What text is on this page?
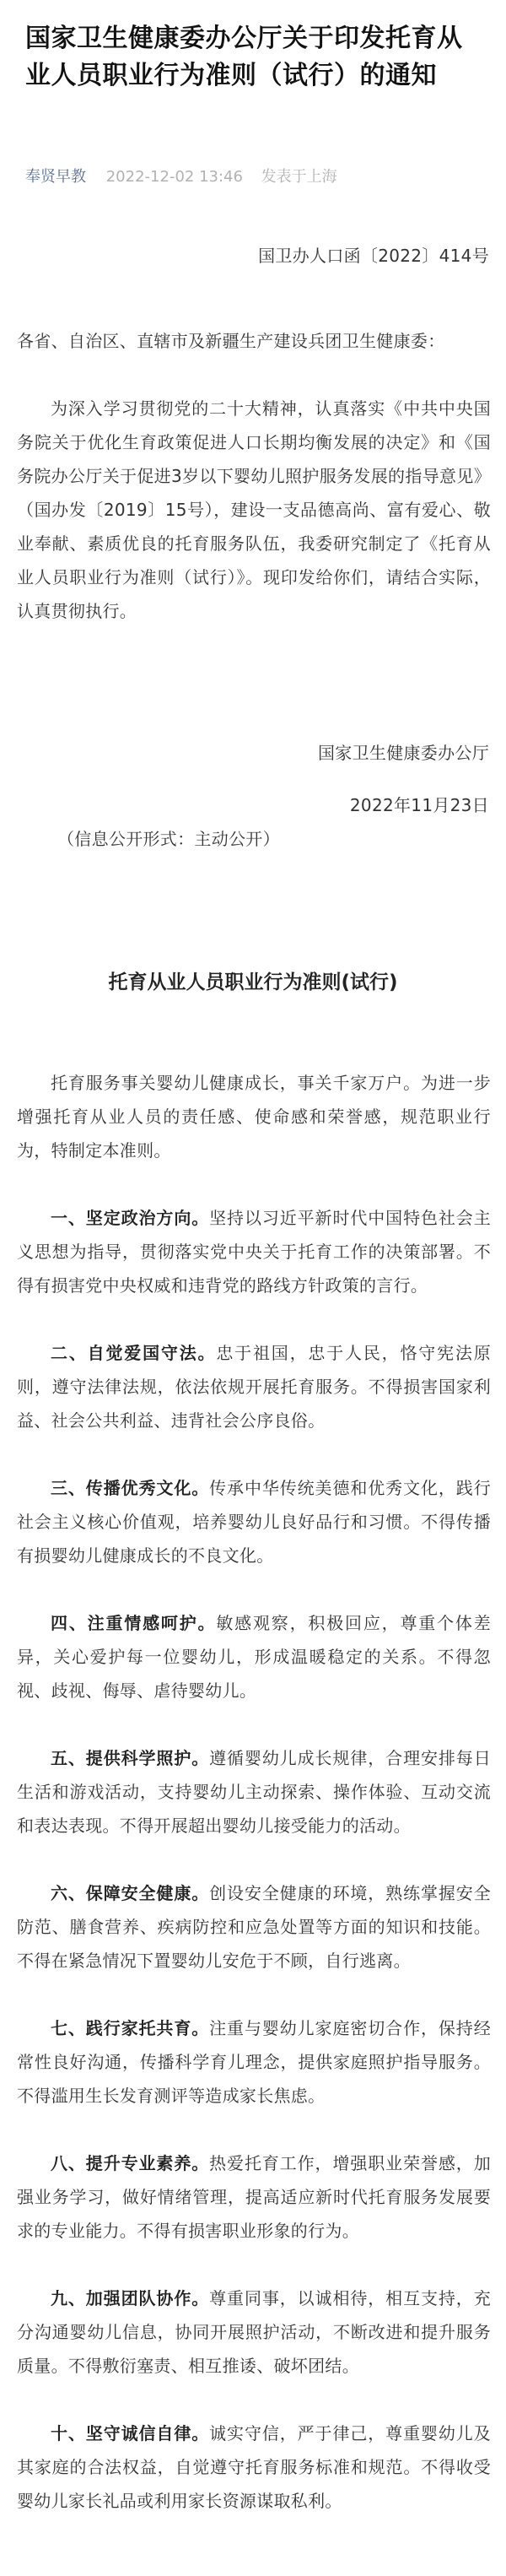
国家卫生健康委办公厅关于印发托育从业人员职业行为准则（试行）的通知
奉贤早教 2022-12-02 13:46 发表于上海
国卫办人口函〔2022〕414号
各省、自治区、直辖市及新疆生产建设兵团卫生健康委：
为深入学习贯彻党的二十大精神，认真落实《中共中央国务院关于优化生育政策促进人口长期均衡发展的决定》和《国务院办公厅关于促进3岁以下婴幼儿照护服务发展的指导意见》（国办发〔2019〕15号），建设一支品德高尚、富有爱心、敬业奉献、素质优良的托育服务队伍，我委研究制定了《托育从业人员职业行为准则（试行）》。现印发给你们，请结合实际，认真贯彻执行。
国家卫生健康委办公厅
2022年11月23日
（信息公开形式：主动公开）
托育从业人员职业行为准则(试行)
托育服务事关婴幼儿健康成长，事关千家万户。为进一步增强托育从业人员的责任感、使命感和荣誉感，规范职业行为，特制定本准则。
一、坚定政治方向。坚持以习近平新时代中国特色社会主义思想为指导，贯彻落实党中央关于托育工作的决策部署。不得有损害党中央权威和违背党的路线方针政策的言行。
二、自觉爱国守法。忠于祖国，忠于人民，恪守宪法原则，遵守法律法规，依法依规开展托育服务。不得损害国家利益、社会公共利益、违背社会公序良俗。
三、传播优秀文化。传承中华传统美德和优秀文化，践行社会主义核心价值观，培养婴幼儿良好品行和习惯。不得传播有损婴幼儿健康成长的不良文化。
四、注重情感呵护。敏感观察，积极回应，尊重个体差异，关心爱护每一位婴幼儿，形成温暖稳定的关系。不得忽视、歧视、侮辱、虐待婴幼儿。
五、提供科学照护。遵循婴幼儿成长规律，合理安排每日生活和游戏活动，支持婴幼儿主动探索、操作体验、互动交流和表达表现。不得开展超出婴幼儿接受能力的活动。
六、保障安全健康。创设安全健康的环境，熟练掌握安全防范、膳食营养、疾病防控和应急处置等方面的知识和技能。不得在紧急情况下置婴幼儿安危于不顾，自行逃离。
七、践行家托共育。注重与婴幼儿家庭密切合作，保持经常性良好沟通，传播科学育儿理念，提供家庭照护指导服务。不得滥用生长发育测评等造成家长焦虑。
八、提升专业素养。热爱托育工作，增强职业荣誉感，加强业务学习，做好情绪管理，提高适应新时代托育服务发展要求的专业能力。不得有损害职业形象的行为。
九、加强团队协作。尊重同事，以诚相待，相互支持，充分沟通婴幼儿信息，协同开展照护活动，不断改进和提升服务质量。不得敷衍塞责、相互推诿、破坏团结。
十、坚守诚信自律。诚实守信，严于律己，尊重婴幼儿及其家庭的合法权益，自觉遵守托育服务标准和规范。不得收受婴幼儿家长礼品或利用家长资源谋取私利。
